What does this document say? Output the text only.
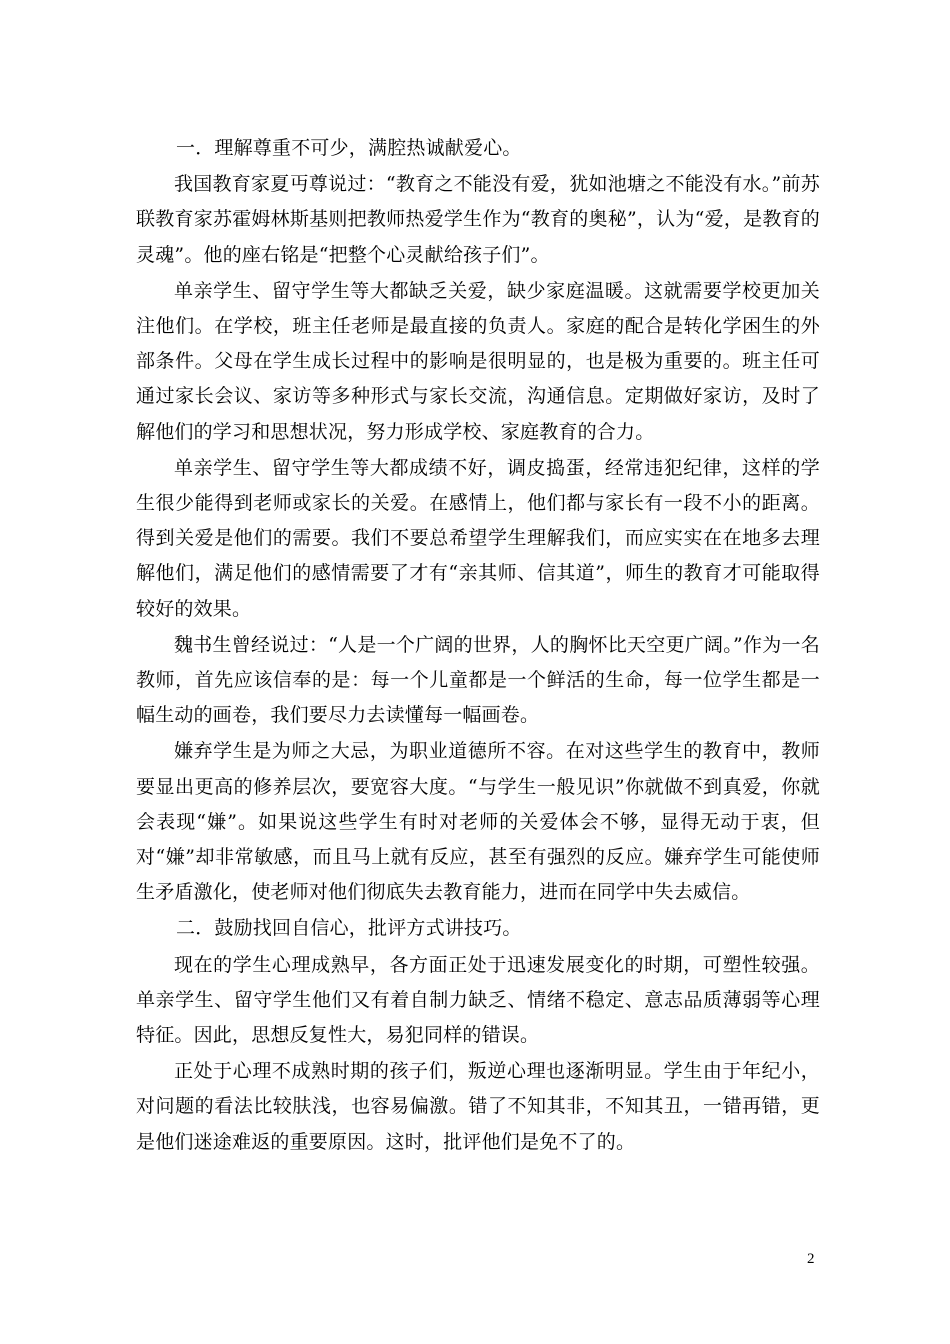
一．理解尊重不可少，满腔热诚献爱心。

我国教育家夏丏尊说过：“教育之不能没有爱，犹如池塘之不能没有水。”前苏联教育家苏霍姆林斯基则把教师热爱学生作为“教育的奥秘”，认为“爱，是教育的灵魂”。他的座右铭是“把整个心灵献给孩子们”。

单亲学生、留守学生等大都缺乏关爱，缺少家庭温暖。这就需要学校更加关注他们。在学校，班主任老师是最直接的负责人。家庭的配合是转化学困生的外部条件。父母在学生成长过程中的影响是很明显的，也是极为重要的。班主任可通过家长会议、家访等多种形式与家长交流，沟通信息。定期做好家访，及时了解他们的学习和思想状况，努力形成学校、家庭教育的合力。

单亲学生、留守学生等大都成绩不好，调皮捣蛋，经常违犯纪律，这样的学生很少能得到老师或家长的关爱。在感情上，他们都与家长有一段不小的距离。得到关爱是他们的需要。我们不要总希望学生理解我们，而应实实在在地多去理解他们，满足他们的感情需要了才有“亲其师、信其道”，师生的教育才可能取得较好的效果。

魏书生曾经说过：“人是一个广阔的世界，人的胸怀比天空更广阔。”作为一名教师，首先应该信奉的是：每一个儿童都是一个鲜活的生命，每一位学生都是一幅生动的画卷，我们要尽力去读懂每一幅画卷。

嫌弃学生是为师之大忌，为职业道德所不容。在对这些学生的教育中，教师要显出更高的修养层次，要宽容大度。“与学生一般见识”你就做不到真爱，你就会表现“嫌”。如果说这些学生有时对老师的关爱体会不够，显得无动于衷，但对“嫌”却非常敏感，而且马上就有反应，甚至有强烈的反应。嫌弃学生可能使师生矛盾激化，使老师对他们彻底失去教育能力，进而在同学中失去威信。

二．鼓励找回自信心，批评方式讲技巧。

现在的学生心理成熟早，各方面正处于迅速发展变化的时期，可塑性较强。单亲学生、留守学生他们又有着自制力缺乏、情绪不稳定、意志品质薄弱等心理特征。因此，思想反复性大，易犯同样的错误。

正处于心理不成熟时期的孩子们，叛逆心理也逐渐明显。学生由于年纪小，对问题的看法比较肤浅，也容易偏激。错了不知其非，不知其丑，一错再错，更是他们迷途难返的重要原因。这时，批评他们是免不了的。

2
